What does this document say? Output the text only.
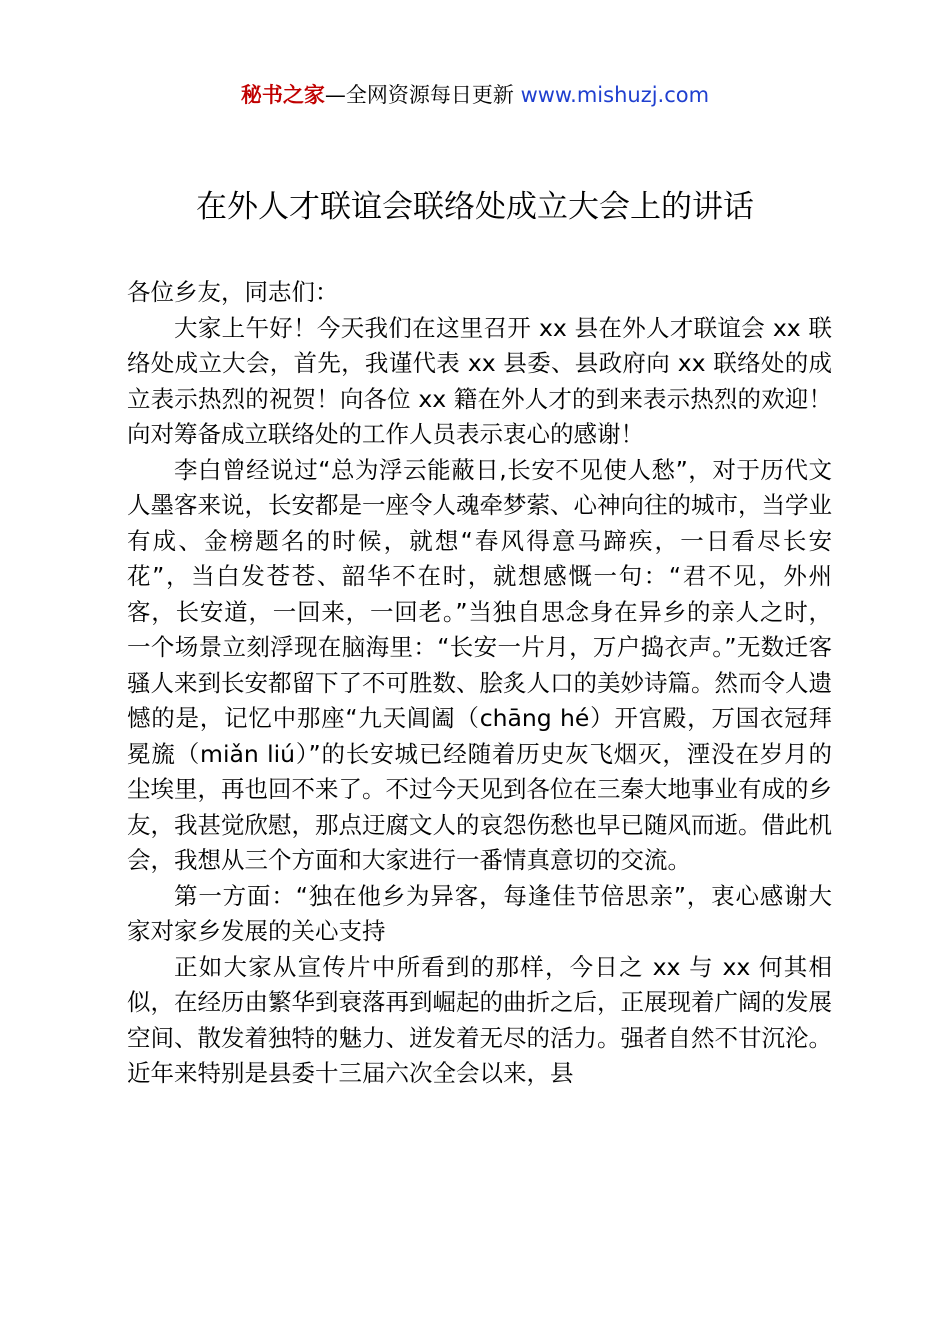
秘书之家—全网资源每日更新 www.mishuzj.com
在外人才联谊会联络处成立大会上的讲话

各位乡友，同志们：

大家上午好！今天我们在这里召开 xx 县在外人才联谊会 xx 联络处成立大会，首先，我谨代表 xx 县委、县政府向 xx 联络处的成立表示热烈的祝贺！向各位 xx 籍在外人才的到来表示热烈的欢迎！向对筹备成立联络处的工作人员表示衷心的感谢！

李白曾经说过“总为浮云能蔽日,长安不见使人愁”，对于历代文人墨客来说，长安都是一座令人魂牵梦萦、心神向往的城市，当学业有成、金榜题名的时候，就想“春风得意马蹄疾，一日看尽长安花”，当白发苍苍、韶华不在时，就想感慨一句：“君不见，外州客，长安道，一回来，一回老。”当独自思念身在异乡的亲人之时，一个场景立刻浮现在脑海里：“长安一片月，万户捣衣声。”无数迁客骚人来到长安都留下了不可胜数、脍炙人口的美妙诗篇。然而令人遗憾的是，记忆中那座“九天阊阖（chāng hé）开宫殿，万国衣冠拜冕旒（miǎn liú）”的长安城已经随着历史灰飞烟灭，湮没在岁月的尘埃里，再也回不来了。不过今天见到各位在三秦大地事业有成的乡友，我甚觉欣慰，那点迂腐文人的哀怨伤愁也早已随风而逝。借此机会，我想从三个方面和大家进行一番情真意切的交流。

第一方面：“独在他乡为异客，每逢佳节倍思亲”，衷心感谢大家对家乡发展的关心支持

正如大家从宣传片中所看到的那样，今日之 xx 与 xx 何其相似，在经历由繁华到衰落再到崛起的曲折之后，正展现着广阔的发展空间、散发着独特的魅力、迸发着无尽的活力。强者自然不甘沉沦。近年来特别是县委十三届六次全会以来，县
